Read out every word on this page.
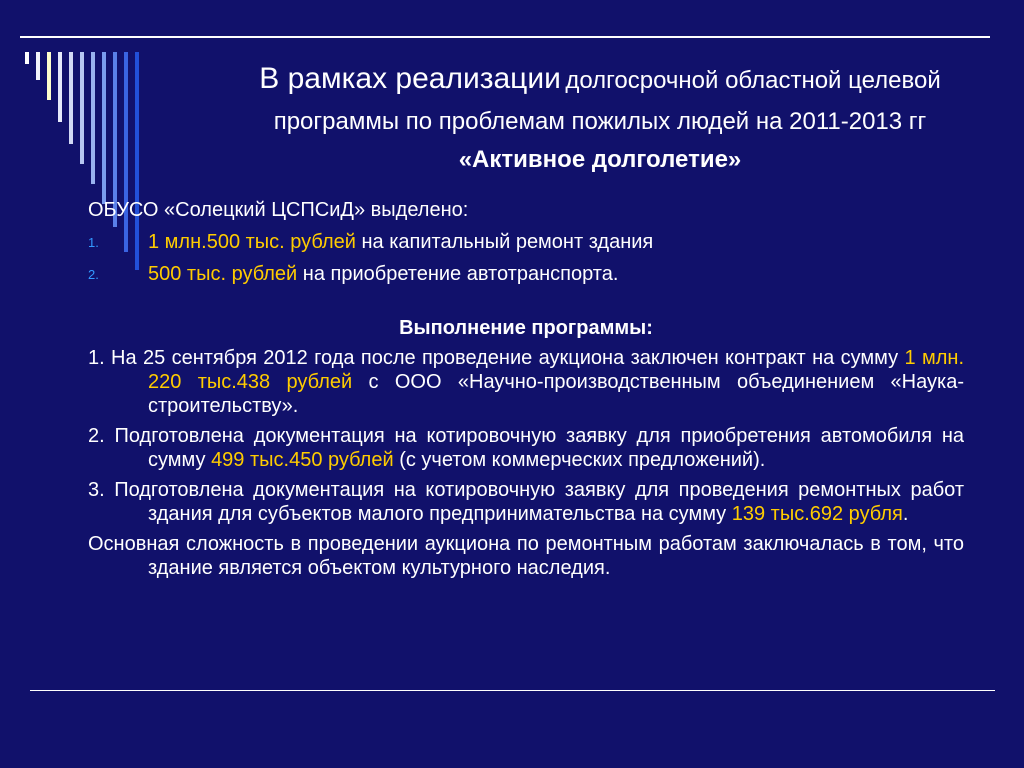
В рамках реализации долгосрочной областной целевой
программы по проблемам пожилых людей на 2011-2013 гг
«Активное долголетие»
ОБУСО «Солецкий ЦСПСиД» выделено:
1. 1 млн.500 тыс. рублей на капитальный ремонт здания
2. 500 тыс. рублей на приобретение автотранспорта.
Выполнение программы:
1. На 25 сентября 2012 года после проведение аукциона заключен контракт на сумму 1 млн. 220 тыс.438 рублей с ООО «Научно-производственным объединением «Наука-строительству».
2. Подготовлена документация на котировочную заявку для приобретения автомобиля на сумму 499 тыс.450 рублей (с учетом коммерческих предложений).
3. Подготовлена документация на котировочную заявку для проведения ремонтных работ здания для субъектов малого предпринимательства на сумму 139 тыс.692 рубля.
Основная сложность в проведении аукциона по ремонтным работам заключалась в том, что здание является объектом культурного наследия.
